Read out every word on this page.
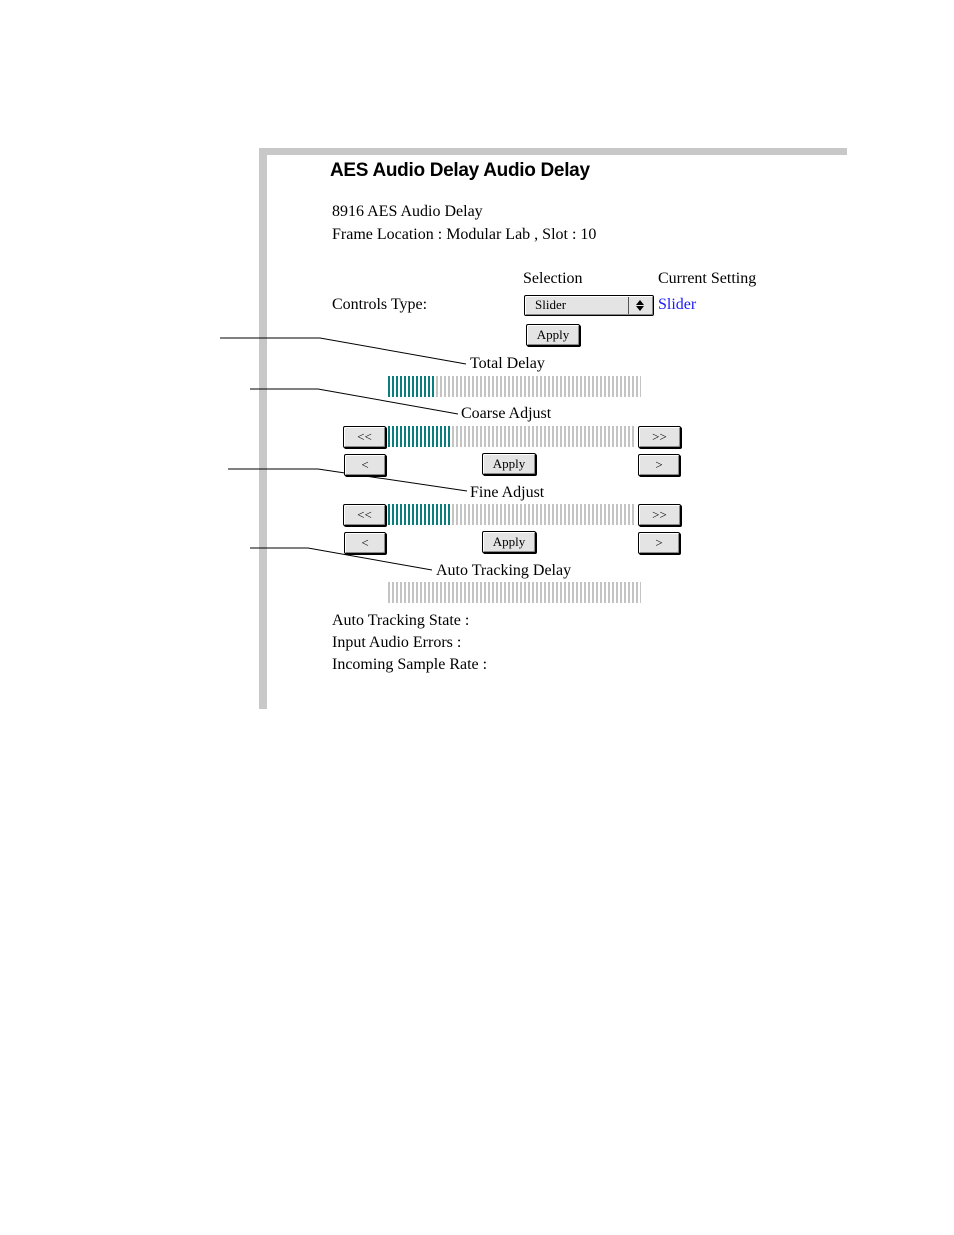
AES Audio Delay Audio Delay
8916 AES Audio Delay
Frame Location : Modular Lab , Slot : 10
Selection	Current Setting
Controls Type:	Slider	Slider
Apply
Total Delay
Coarse Adjust
<<	>>
<	Apply	>
Fine Adjust
<<	>>
<	Apply	>
Auto Tracking Delay
Auto Tracking State :
Input Audio Errors :
Incoming Sample Rate :
